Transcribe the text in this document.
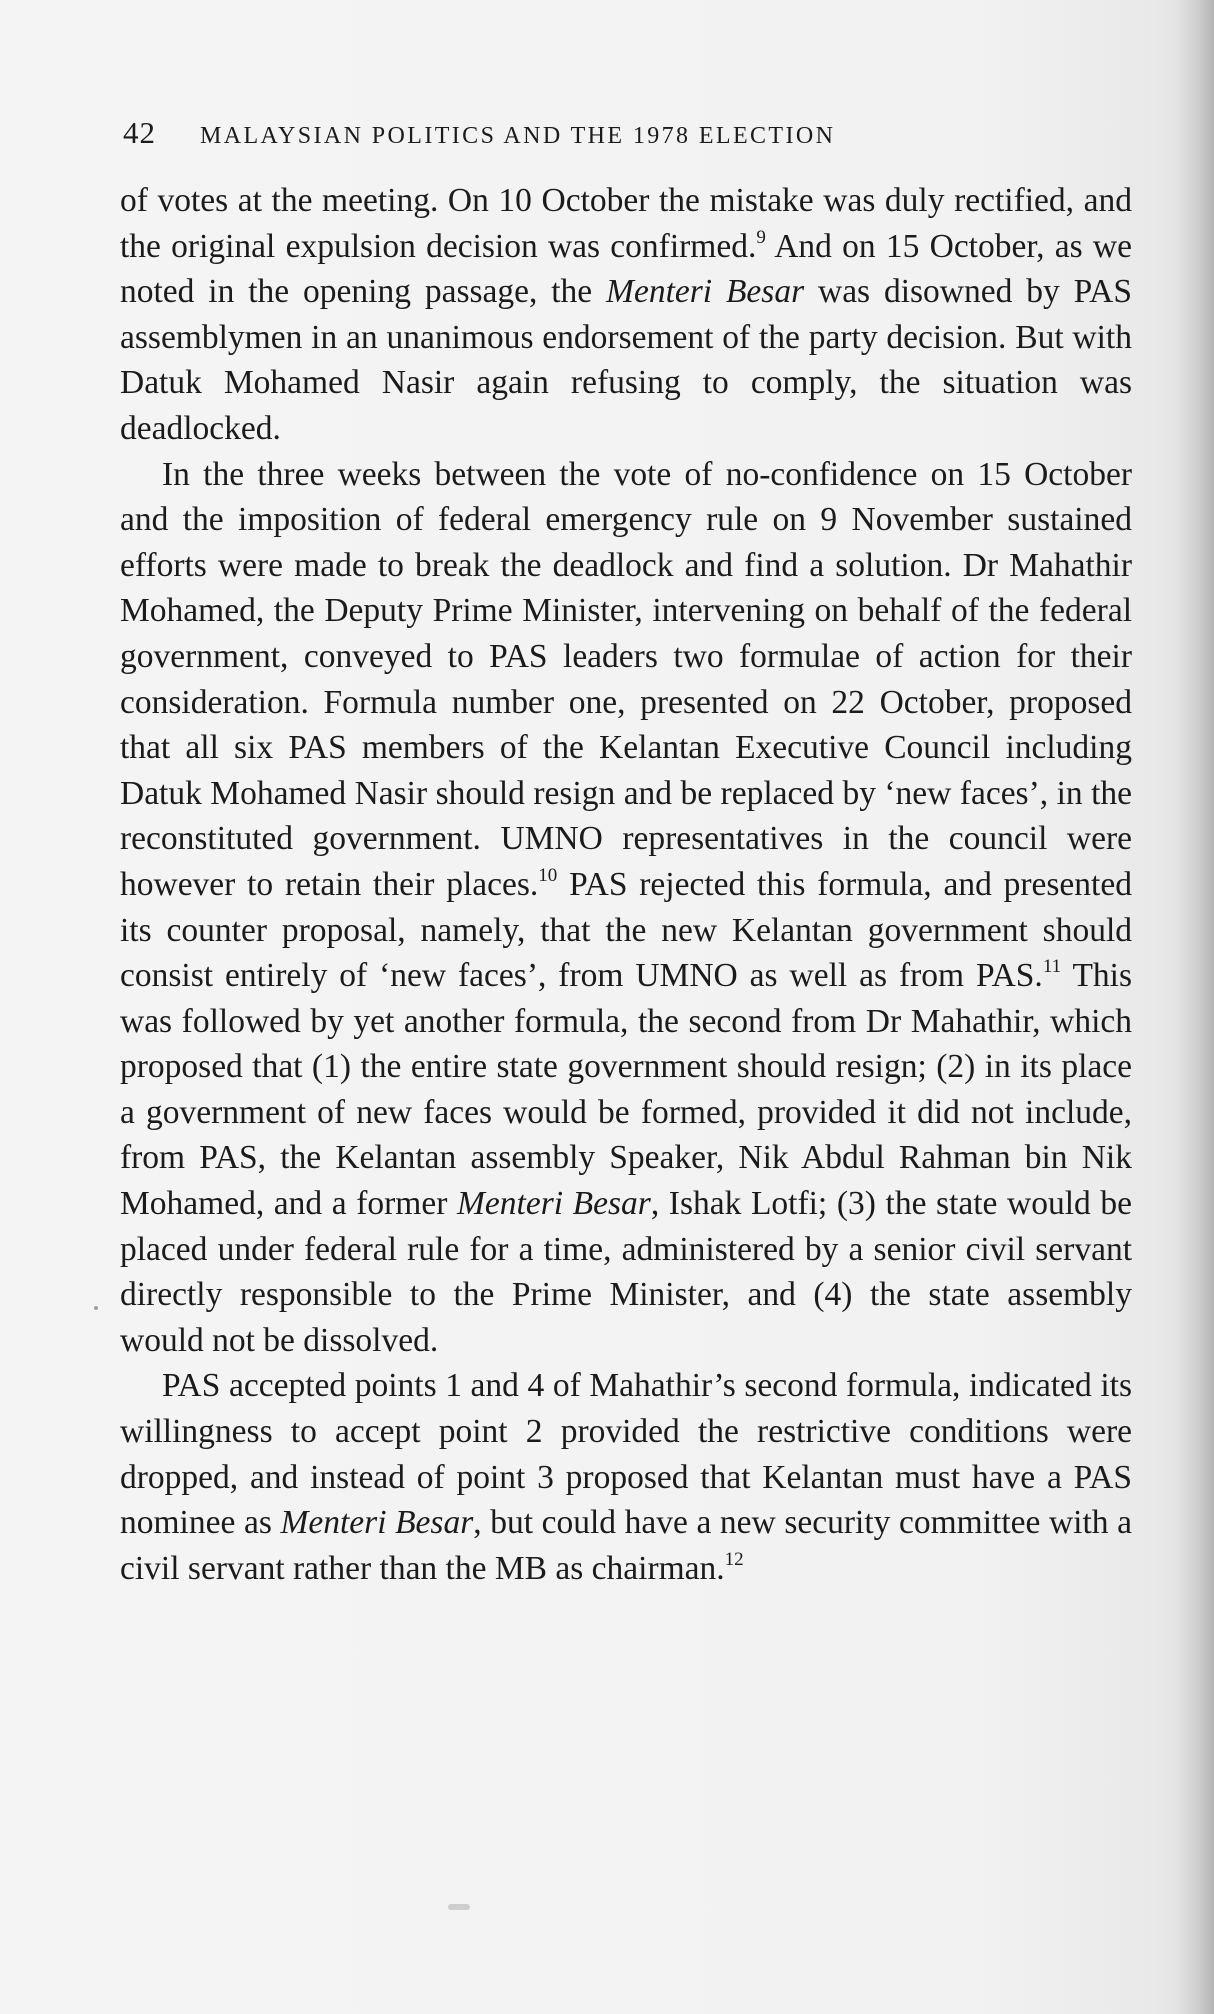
42 MALAYSIAN POLITICS AND THE 1978 ELECTION

of votes at the meeting. On 10 October the mistake was duly rectified, and the original expulsion decision was confirmed.$^9$ And on 15 October, as we noted in the opening passage, the Menteri Besar was disowned by PAS assemblymen in an unanimous endorsement of the party decision. But with Datuk Mohamed Nasir again refusing to comply, the situation was deadlocked.

In the three weeks between the vote of no-confidence on 15 October and the imposition of federal emergency rule on 9 November sustained efforts were made to break the deadlock and find a solution. Dr Mahathir Mohamed, the Deputy Prime Minister, intervening on behalf of the federal government, conveyed to PAS leaders two formulae of action for their consideration. Formula number one, presented on 22 October, proposed that all six PAS members of the Kelantan Executive Council including Datuk Mohamed Nasir should resign and be replaced by ‘new faces’, in the reconstituted government. UMNO representatives in the council were however to retain their places.$^{10}$ PAS rejected this formula, and presented its counter proposal, namely, that the new Kelantan government should consist entirely of ‘new faces’, from UMNO as well as from PAS.$^{11}$ This was followed by yet another formula, the second from Dr Mahathir, which proposed that (1) the entire state government should resign; (2) in its place a government of new faces would be formed, provided it did not include, from PAS, the Kelantan assembly Speaker, Nik Abdul Rahman bin Nik Mohamed, and a former Menteri Besar, Ishak Lotfi; (3) the state would be placed under federal rule for a time, administered by a senior civil servant directly responsible to the Prime Minister, and (4) the state assembly would not be dissolved.

PAS accepted points 1 and 4 of Mahathir’s second formula, indicated its willingness to accept point 2 provided the restrictive conditions were dropped, and instead of point 3 proposed that Kelantan must have a PAS nominee as Menteri Besar, but could have a new security committee with a civil servant rather than the MB as chairman.$^{12}$
